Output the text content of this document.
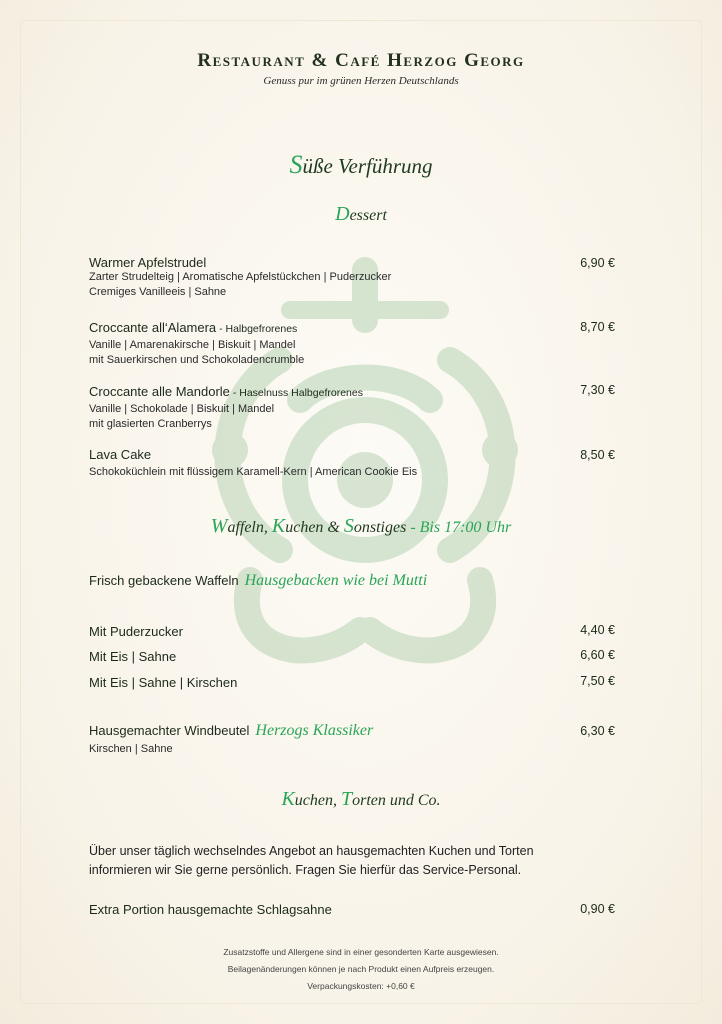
Restaurant & Café Herzog Georg
Genuss pur im grünen Herzen Deutschlands
Süße Verführung
Dessert
Warmer Apfelstrudel
Zarter Strudelteig | Aromatische Apfelstückchen | Puderzucker
Cremiges Vanilleeis | Sahne
6,90 €
Croccante all‘Alamera - Halbgefrorenes
Vanille | Amarenakirsche | Biskuit | Mandel
mit Sauerkirschen und Schokoladencrumble
8,70 €
Croccante alle Mandorle - Haselnuss Halbgefrorenes
Vanille | Schokolade | Biskuit | Mandel
mit glasierten Cranberrys
7,30 €
Lava Cake
Schokoküchlein mit flüssigem Karamell-Kern | American Cookie Eis
8,50 €
Waffeln, Kuchen & Sonstiges - Bis 17:00 Uhr
Frisch gebackene Waffeln Hausgebacken wie bei Mutti
Mit Puderzucker	4,40 €
Mit Eis | Sahne	6,60 €
Mit Eis | Sahne | Kirschen	7,50 €
Hausgemachter Windbeutel Herzogs Klassiker
Kirschen | Sahne
6,30 €
Kuchen, Torten und Co.
Über unser täglich wechselndes Angebot an hausgemachten Kuchen und Torten
informieren wir Sie gerne persönlich. Fragen Sie hierfür das Service-Personal.
Extra Portion hausgemachte Schlagsahne	0,90 €
Zusatzstoffe und Allergene sind in einer gesonderten Karte ausgewiesen.
Beilagenänderungen können je nach Produkt einen Aufpreis erzeugen.
Verpackungskosten: +0,60 €
